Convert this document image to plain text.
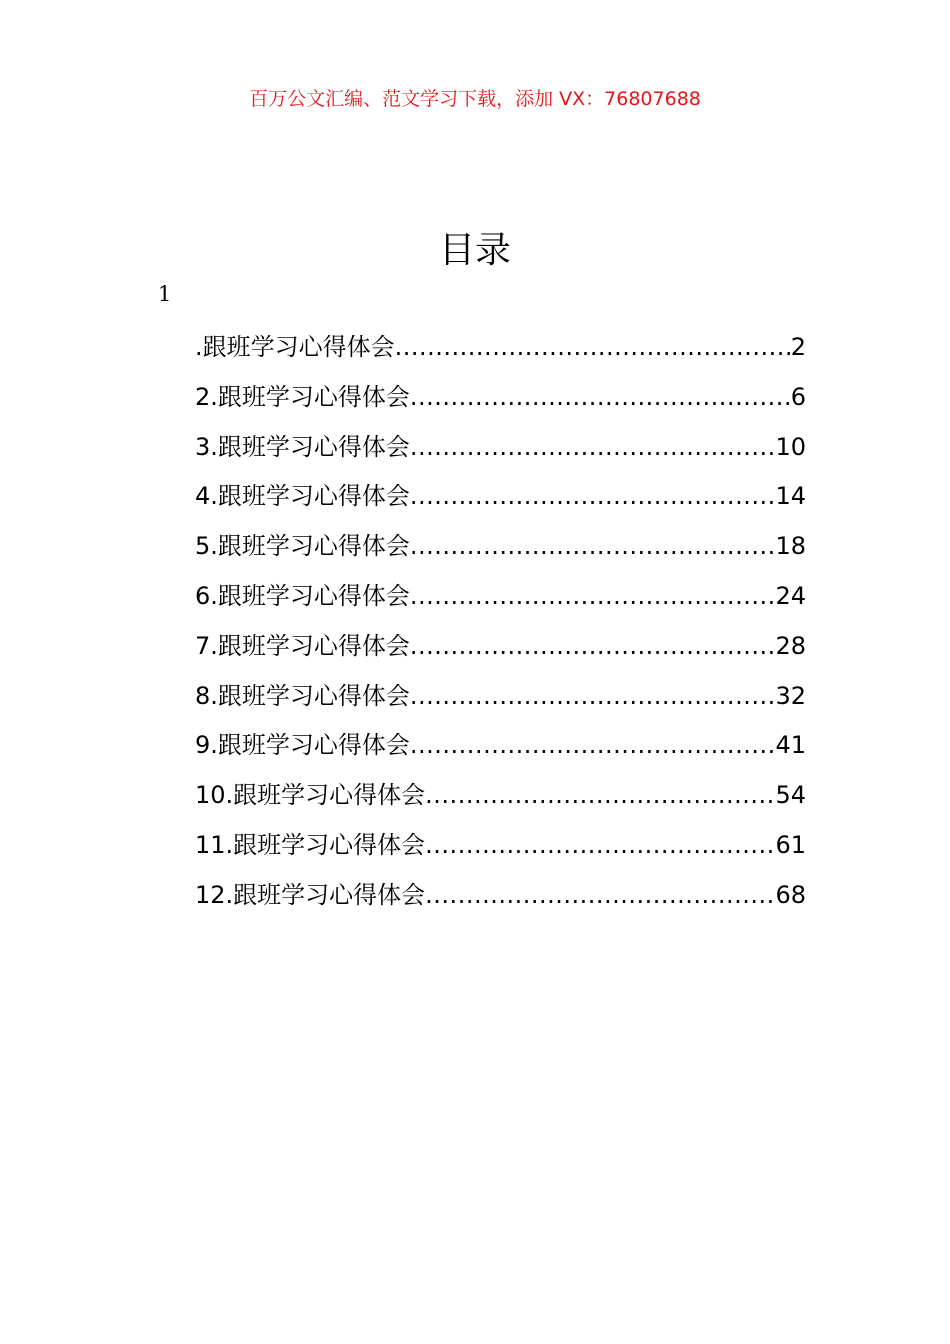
百万公文汇编、范文学习下载，添加 VX：76807688
目录
1
.跟班学习心得体会 .....	2
2.跟班学习心得体会 .....	6
3.跟班学习心得体会 .....	10
4.跟班学习心得体会 .....	14
5.跟班学习心得体会 .....	18
6.跟班学习心得体会 .....	24
7.跟班学习心得体会 .....	28
8.跟班学习心得体会 .....	32
9.跟班学习心得体会 .....	41
10.跟班学习心得体会 .....	54
11.跟班学习心得体会 .....	61
12.跟班学习心得体会 .....	68
